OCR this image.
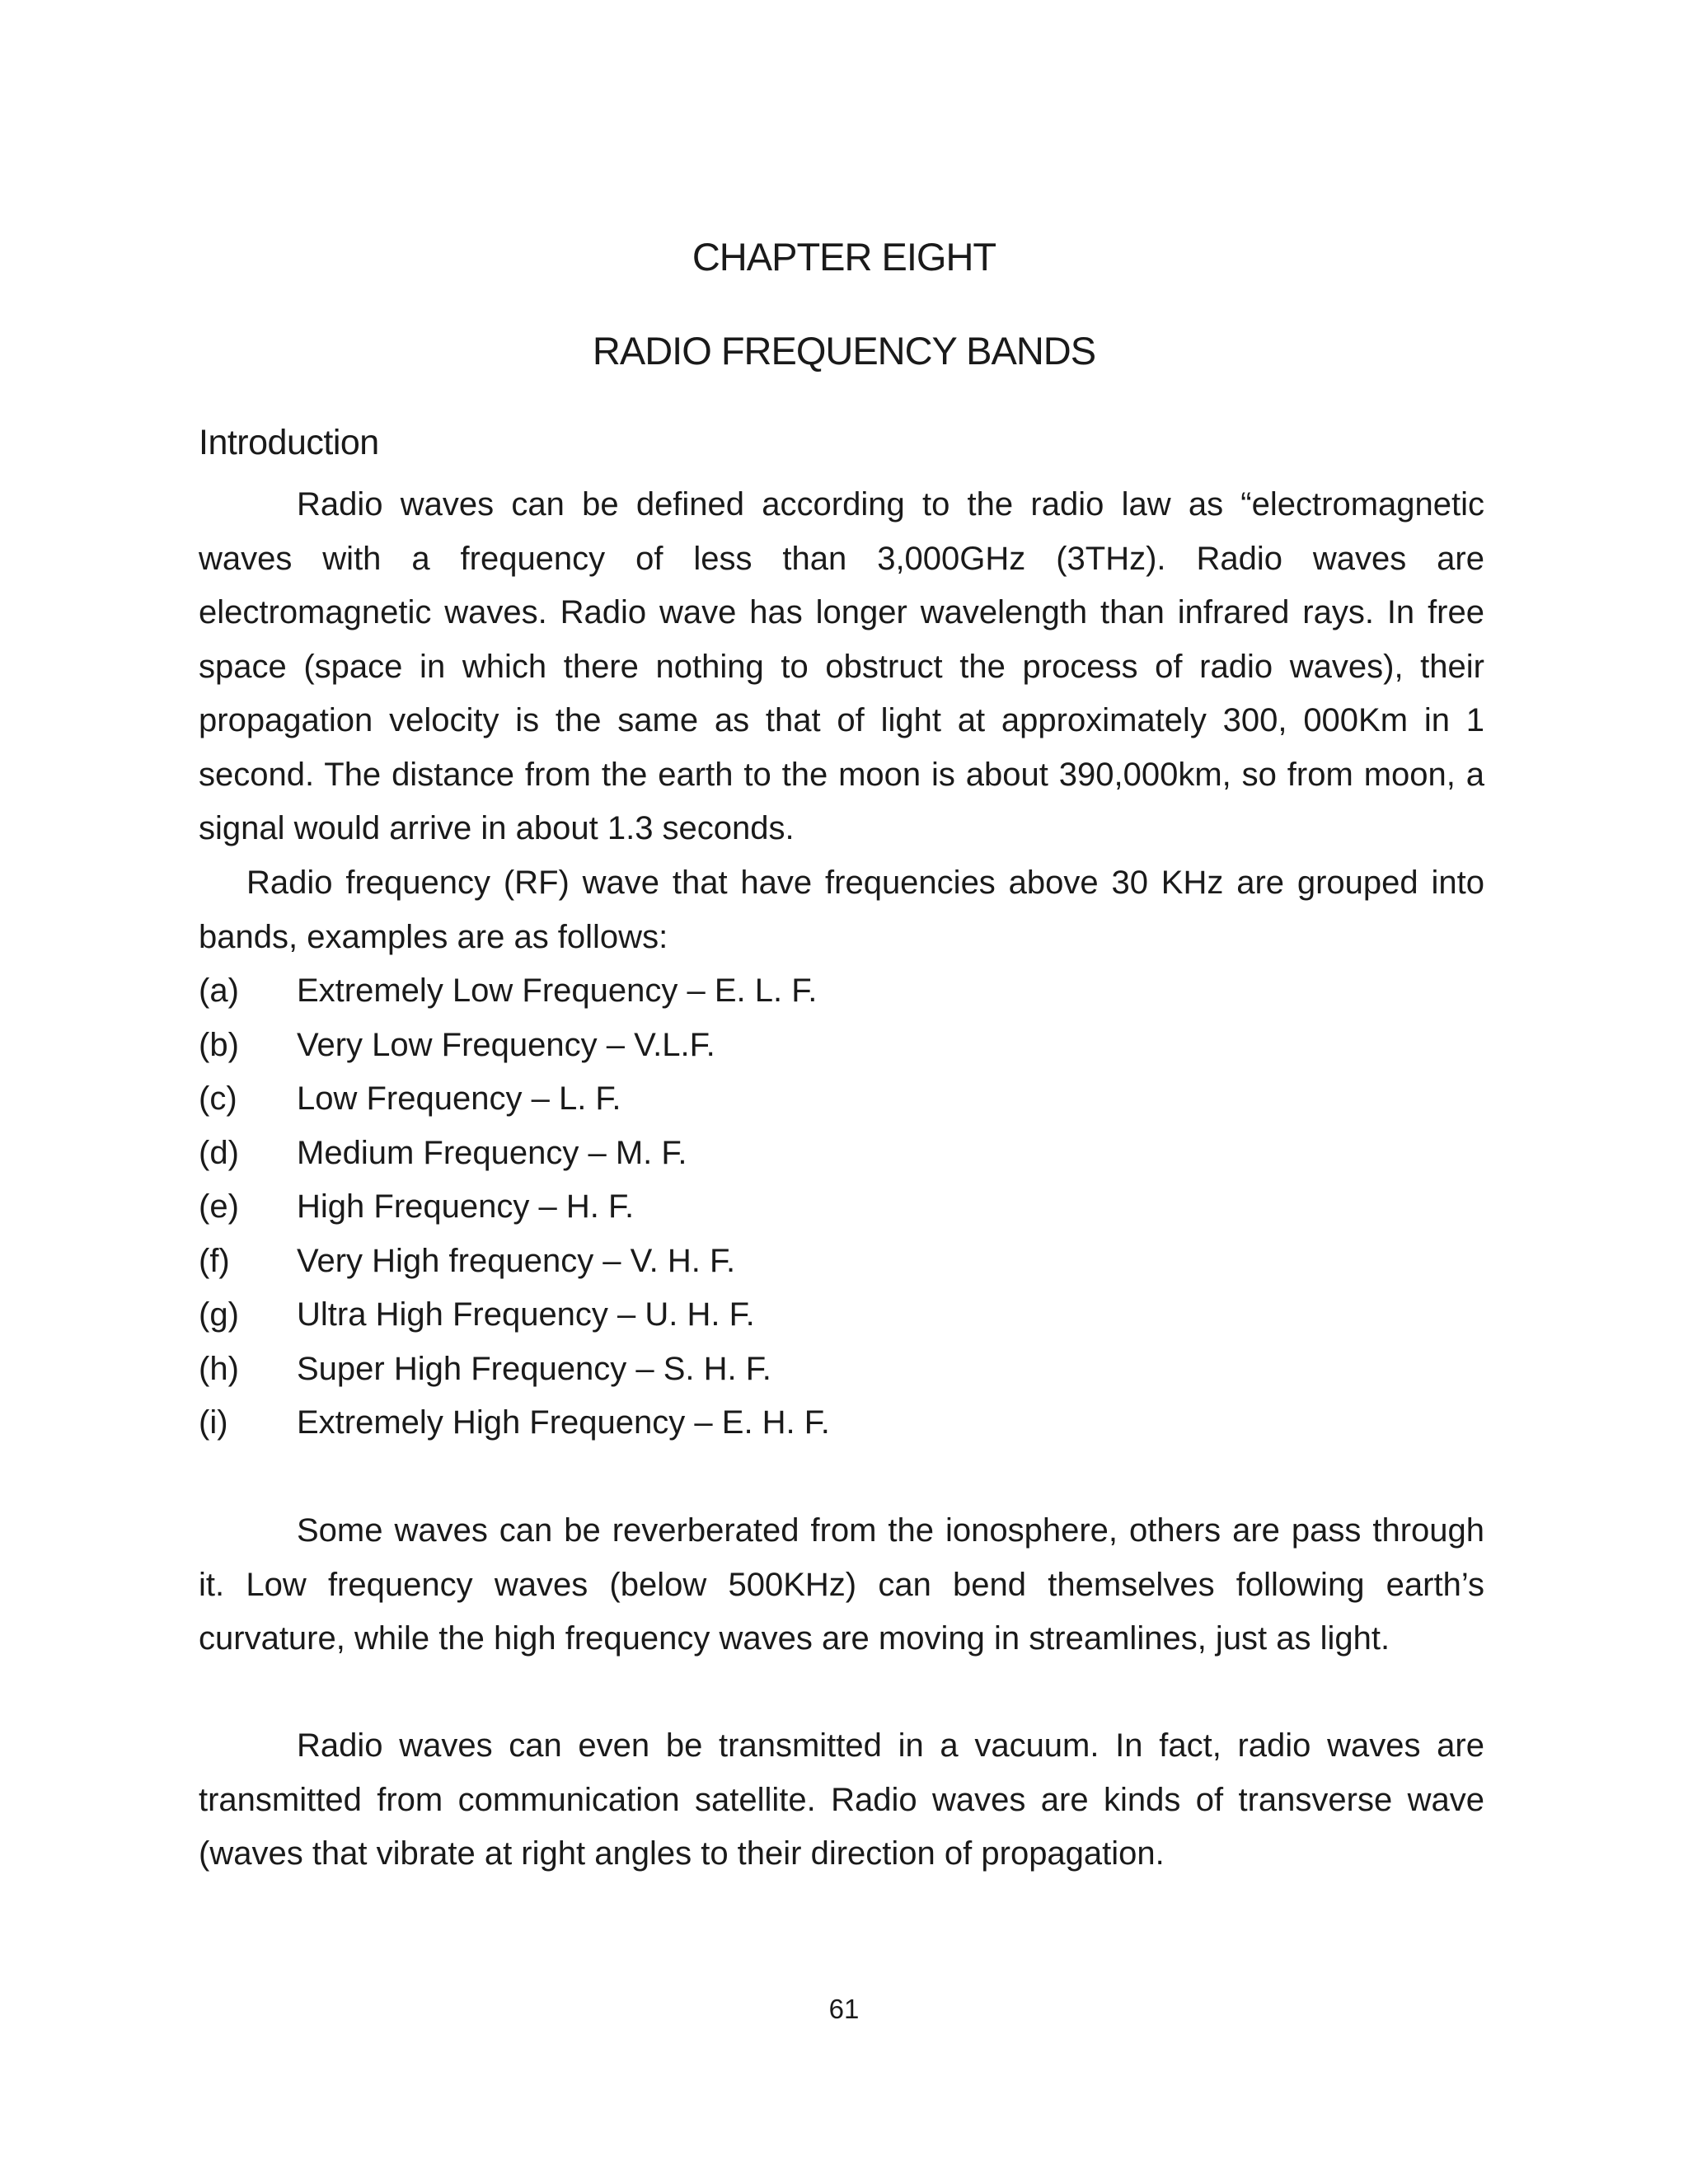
CHAPTER EIGHT
RADIO FREQUENCY BANDS
Introduction

Radio waves can be defined according to the radio law as “electromagnetic waves with a frequency of less than 3,000GHz (3THz). Radio waves are electromagnetic waves. Radio wave has longer wavelength than infrared rays. In free space (space in which there nothing to obstruct the process of radio waves), their propagation velocity is the same as that of light at approximately 300, 000Km in 1 second. The distance from the earth to the moon is about 390,000km, so from moon, a signal would arrive in about 1.3 seconds.

Radio frequency (RF) wave that have frequencies above 30 KHz are grouped into bands, examples are as follows:

(a)	Extremely Low Frequency – E. L. F.
(b)	Very Low Frequency – V.L.F.
(c)	Low Frequency – L. F.
(d)	Medium Frequency – M. F.
(e)	High Frequency – H. F.
(f)	Very High frequency – V. H. F.
(g)	Ultra High Frequency – U. H. F.
(h)	Super High Frequency – S. H. F.
(i)	Extremely High Frequency – E. H. F.

Some waves can be reverberated from the ionosphere, others are pass through it. Low frequency waves (below 500KHz) can bend themselves following earth’s curvature, while the high frequency waves are moving in streamlines, just as light.

Radio waves can even be transmitted in a vacuum. In fact, radio waves are transmitted from communication satellite. Radio waves are kinds of transverse wave (waves that vibrate at right angles to their direction of propagation.

61
